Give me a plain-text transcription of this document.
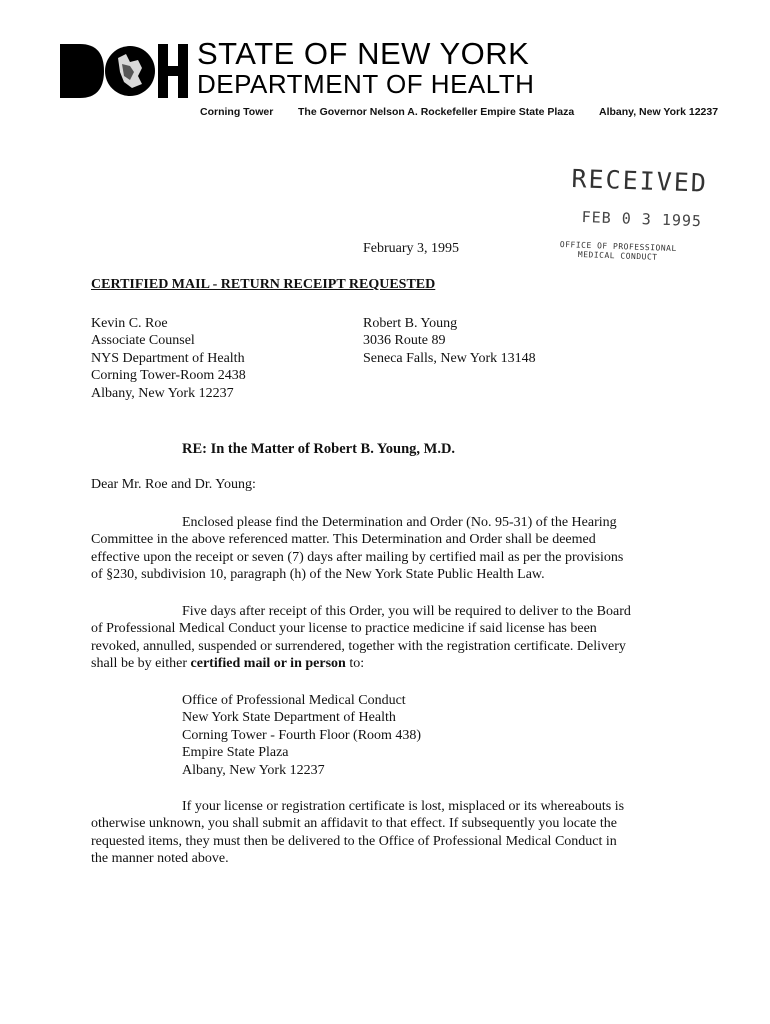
STATE OF NEW YORK
DEPARTMENT OF HEALTH
Corning Tower The Governor Nelson A. Rockefeller Empire State Plaza Albany, New York 12237
RECEIVED
FEB 0 3 1995
OFFICE OF PROFESSIONAL
MEDICAL CONDUCT
February 3, 1995
CERTIFIED MAIL - RETURN RECEIPT REQUESTED
Kevin C. Roe
Associate Counsel
NYS Department of Health
Corning Tower-Room 2438
Albany, New York 12237
Robert B. Young
3036 Route 89
Seneca Falls, New York 13148
RE: In the Matter of Robert B. Young, M.D.
Dear Mr. Roe and Dr. Young:
Enclosed please find the Determination and Order (No. 95-31) of the Hearing
Committee in the above referenced matter. This Determination and Order shall be deemed
effective upon the receipt or seven (7) days after mailing by certified mail as per the provisions
of §230, subdivision 10, paragraph (h) of the New York State Public Health Law.
Five days after receipt of this Order, you will be required to deliver to the Board
of Professional Medical Conduct your license to practice medicine if said license has been
revoked, annulled, suspended or surrendered, together with the registration certificate. Delivery
shall be by either certified mail or in person to:
Office of Professional Medical Conduct
New York State Department of Health
Corning Tower - Fourth Floor (Room 438)
Empire State Plaza
Albany, New York 12237
If your license or registration certificate is lost, misplaced or its whereabouts is
otherwise unknown, you shall submit an affidavit to that effect. If subsequently you locate the
requested items, they must then be delivered to the Office of Professional Medical Conduct in
the manner noted above.
